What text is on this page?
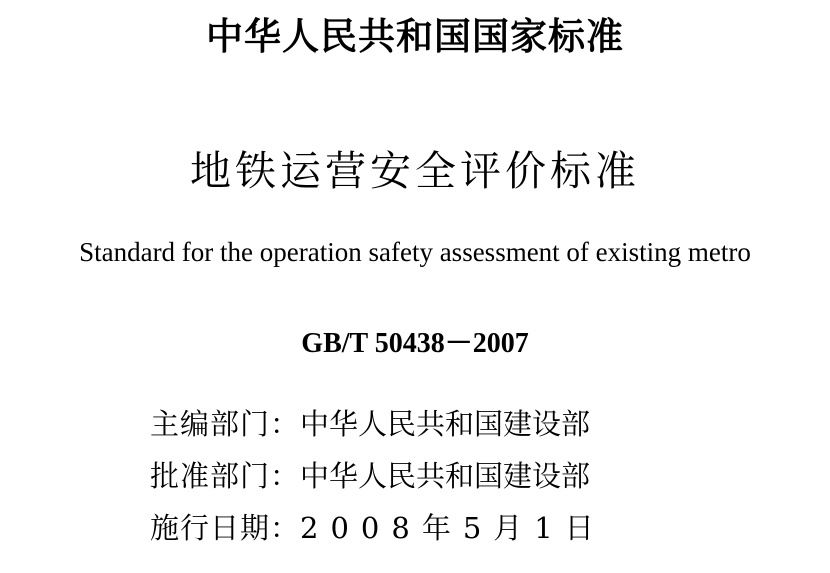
中华人民共和国国家标准
地铁运营安全评价标准
Standard for the operation safety assessment of existing metro
GB/T 50438－2007
主编部门：中华人民共和国建设部
批准部门：中华人民共和国建设部
施行日期：2008年5月1日
